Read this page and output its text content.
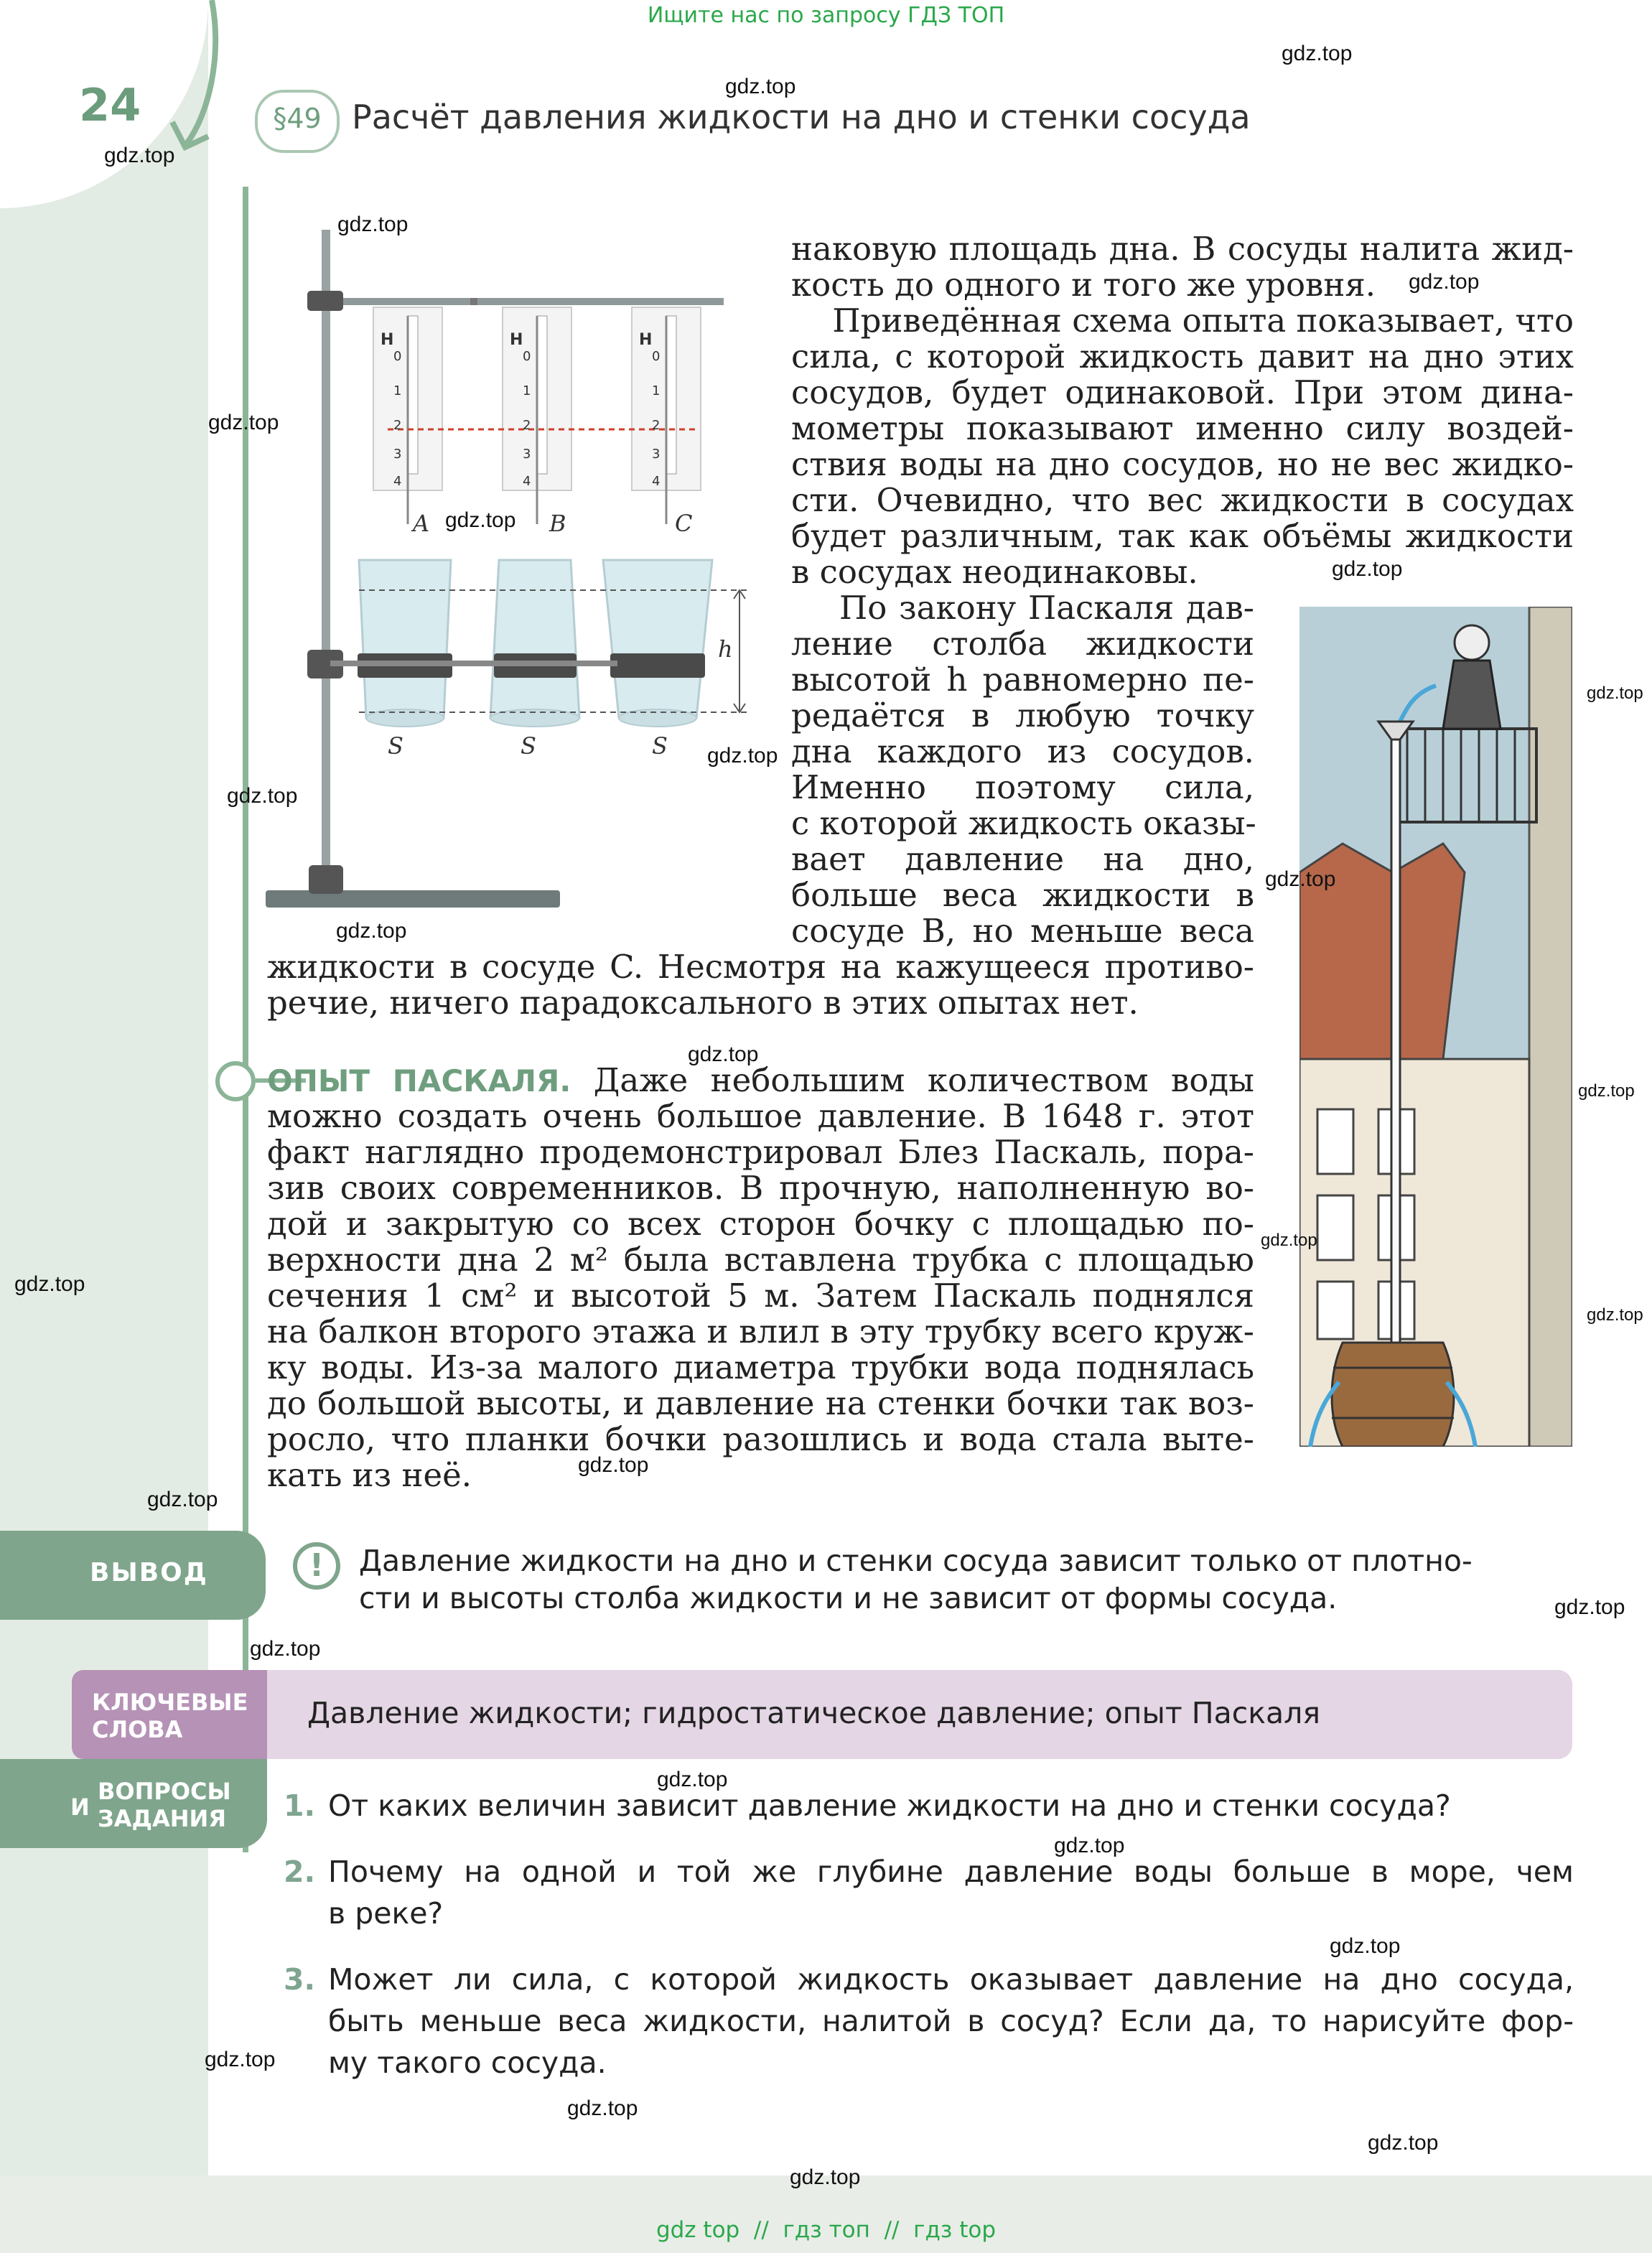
Ищите нас по запросу ГДЗ ТОП
24	§49 Расчёт давления жидкости на дно и стенки сосуда
Н	Н	Н
0
1
2
3
4
0
1
2
3
4
0
1
2
3
4
A	B	C
h
S	S	S
наковую площадь дна. В сосуды налита жид-
кость до одного и того же уровня.
Приведённая схема опыта показывает, что
сила, с которой жидкость давит на дно этих
сосудов, будет одинаковой. При этом дина-
мометры показывают именно силу воздей-
ствия воды на дно сосудов, но не вес жидко-
сти. Очевидно, что вес жидкости в сосудах
будет различным, так как объёмы жидкости
в сосудах неодинаковы.
По закону Паскаля дав-
ление столба жидкости
высотой h равномерно пе-
редаётся в любую точку
дна каждого из сосудов.
Именно поэтому сила,
с которой жидкость оказы-
вает давление на дно,
больше веса жидкости в
сосуде B, но меньше веса
жидкости в сосуде C. Несмотря на кажущееся противо-
речие, ничего парадоксального в этих опытах нет.
ОПЫТ ПАСКАЛЯ. Даже небольшим количеством воды
можно создать очень большое давление. В 1648 г. этот
факт наглядно продемонстрировал Блез Паскаль, пора-
зив своих современников. В прочную, наполненную во-
дой и закрытую со всех сторон бочку с площадью по-
верхности дна 2 м² была вставлена трубка с площадью
сечения 1 см² и высотой 5 м. Затем Паскаль поднялся
на балкон второго этажа и влил в эту трубку всего круж-
ку воды. Из-за малого диаметра трубки вода поднялась
до большой высоты, и давление на стенки бочки так воз-
росло, что планки бочки разошлись и вода стала выте-
кать из неё.
ВЫВОД	!	Давление жидкости на дно и стенки сосуда зависит только от плотно-
сти и высоты столба жидкости и не зависит от формы сосуда.
КЛЮЧЕВЫЕ
СЛОВА	Давление жидкости; гидростатическое давление; опыт Паскаля
И
ВОПРОСЫ
ЗАДАНИЯ 1. От каких величин зависит давление жидкости на дно и стенки сосуда?
2. Почему на одной и той же глубине давление воды больше в море, чем
в реке?
3. Может ли сила, с которой жидкость оказывает давление на дно сосуда,
быть меньше веса жидкости, налитой в сосуд? Если да, то нарисуйте фор-
му такого сосуда.
gdz.top
gdz.top
gdz.top
gdz.top
gdz.top
gdz.top
gdz.top
gdz.top
gdz.top
gdz.top
gdz.top
gdz.top
gdz.top
gdz.top
gdz.top
gdz.top
gdz.top
gdz.top
gdz.top
gdz.top
gdz.top
gdz.top
gdz.top
gdz.top
gdz.top
gdz.top
gdz.top
gdz.top
gdz.top
gdz top  //  гдз топ  //  гдз top
